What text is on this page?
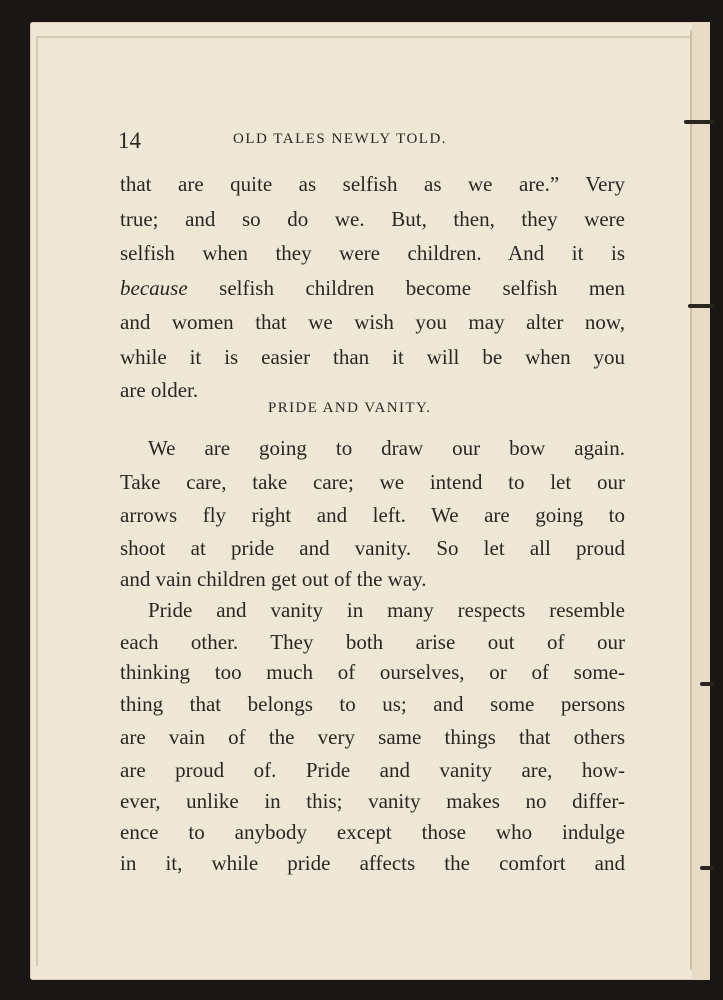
14	OLD TALES NEWLY TOLD.
that are quite as selfish as we are.” Very
true; and so do we. But, then, they were
selfish when they were children. And it is
because selfish children become selfish men
and women that we wish you may alter now,
while it is easier than it will be when you
are older.
PRIDE AND VANITY.
We are going to draw our bow again.
Take care, take care; we intend to let our
arrows fly right and left. We are going to
shoot at pride and vanity. So let all proud
and vain children get out of the way.
Pride and vanity in many respects resemble
each other. They both arise out of our
thinking too much of ourselves, or of some-
thing that belongs to us; and some persons
are vain of the very same things that others
are proud of. Pride and vanity are, how-
ever, unlike in this; vanity makes no differ-
ence to anybody except those who indulge
in it, while pride affects the comfort and
